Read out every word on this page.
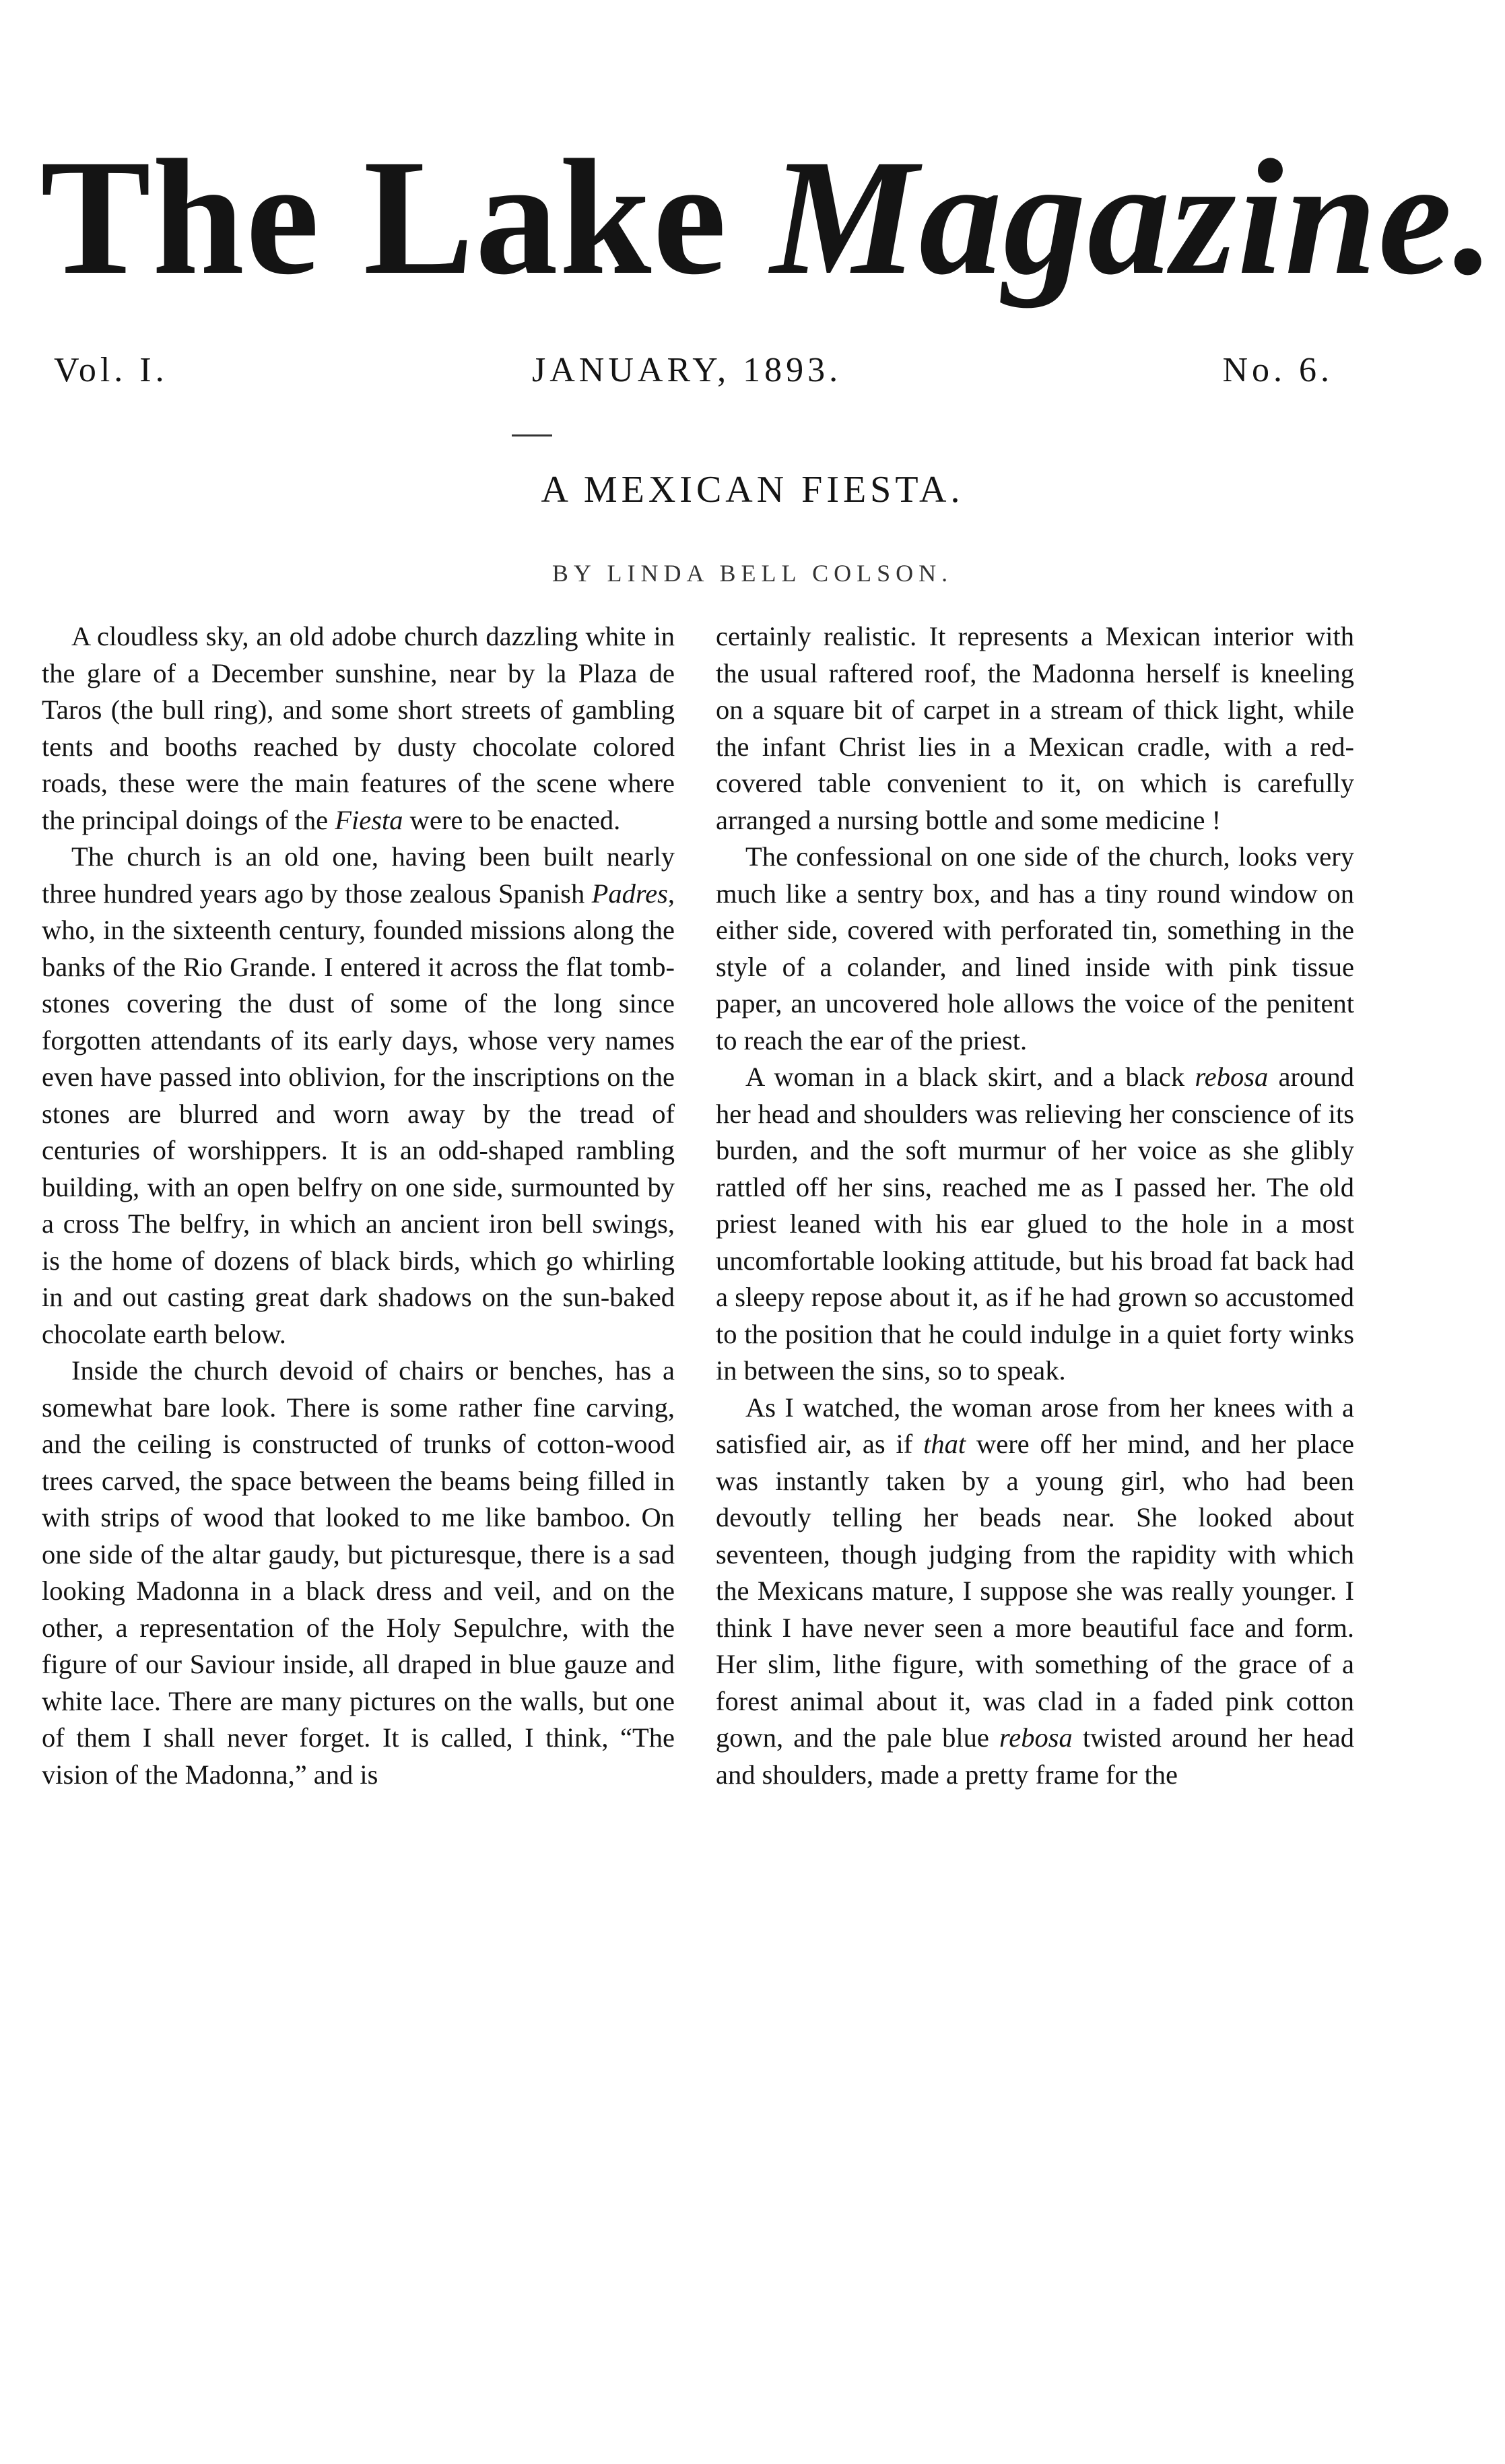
The Lake Magazine.
Vol. I.	JANUARY, 1893.	No. 6.
A MEXICAN FIESTA.
BY LINDA BELL COLSON.

A cloudless sky, an old adobe church dazzling white in the glare of a December sunshine, near by la Plaza de Taros (the bull ring), and some short streets of gambling tents and booths reached by dusty chocolate colored roads, these were the main features of the scene where the principal doings of the Fiesta were to be enacted.

The church is an old one, having been built nearly three hundred years ago by those zealous Spanish Padres, who, in the sixteenth century, founded missions along the banks of the Rio Grande. I entered it across the flat tomb-stones covering the dust of some of the long since forgotten attendants of its early days, whose very names even have passed into oblivion, for the inscriptions on the stones are blurred and worn away by the tread of centuries of worshippers. It is an odd-shaped rambling building, with an open belfry on one side, surmounted by a cross The belfry, in which an ancient iron bell swings, is the home of dozens of black birds, which go whirling in and out casting great dark shadows on the sun-baked chocolate earth below.

Inside the church devoid of chairs or benches, has a somewhat bare look. There is some rather fine carving, and the ceiling is constructed of trunks of cotton-wood trees carved, the space between the beams being filled in with strips of wood that looked to me like bamboo. On one side of the altar gaudy, but picturesque, there is a sad looking Madonna in a black dress and veil, and on the other, a representation of the Holy Sepulchre, with the figure of our Saviour inside, all draped in blue gauze and white lace. There are many pictures on the walls, but one of them I shall never forget. It is called, I think, “The vision of the Madonna,” and is

certainly realistic. It represents a Mexican interior with the usual raftered roof, the Madonna herself is kneeling on a square bit of carpet in a stream of thick light, while the infant Christ lies in a Mexican cradle, with a red-covered table convenient to it, on which is carefully arranged a nursing bottle and some medicine !

The confessional on one side of the church, looks very much like a sentry box, and has a tiny round window on either side, covered with perforated tin, something in the style of a colander, and lined inside with pink tissue paper, an uncovered hole allows the voice of the penitent to reach the ear of the priest.

A woman in a black skirt, and a black rebosa around her head and shoulders was relieving her conscience of its burden, and the soft murmur of her voice as she glibly rattled off her sins, reached me as I passed her. The old priest leaned with his ear glued to the hole in a most uncomfortable looking attitude, but his broad fat back had a sleepy repose about it, as if he had grown so accustomed to the position that he could indulge in a quiet forty winks in between the sins, so to speak.

As I watched, the woman arose from her knees with a satisfied air, as if that were off her mind, and her place was instantly taken by a young girl, who had been devoutly telling her beads near. She looked about seventeen, though judging from the rapidity with which the Mexicans mature, I suppose she was really younger. I think I have never seen a more beautiful face and form. Her slim, lithe figure, with something of the grace of a forest animal about it, was clad in a faded pink cotton gown, and the pale blue rebosa twisted around her head and shoulders, made a pretty frame for the
